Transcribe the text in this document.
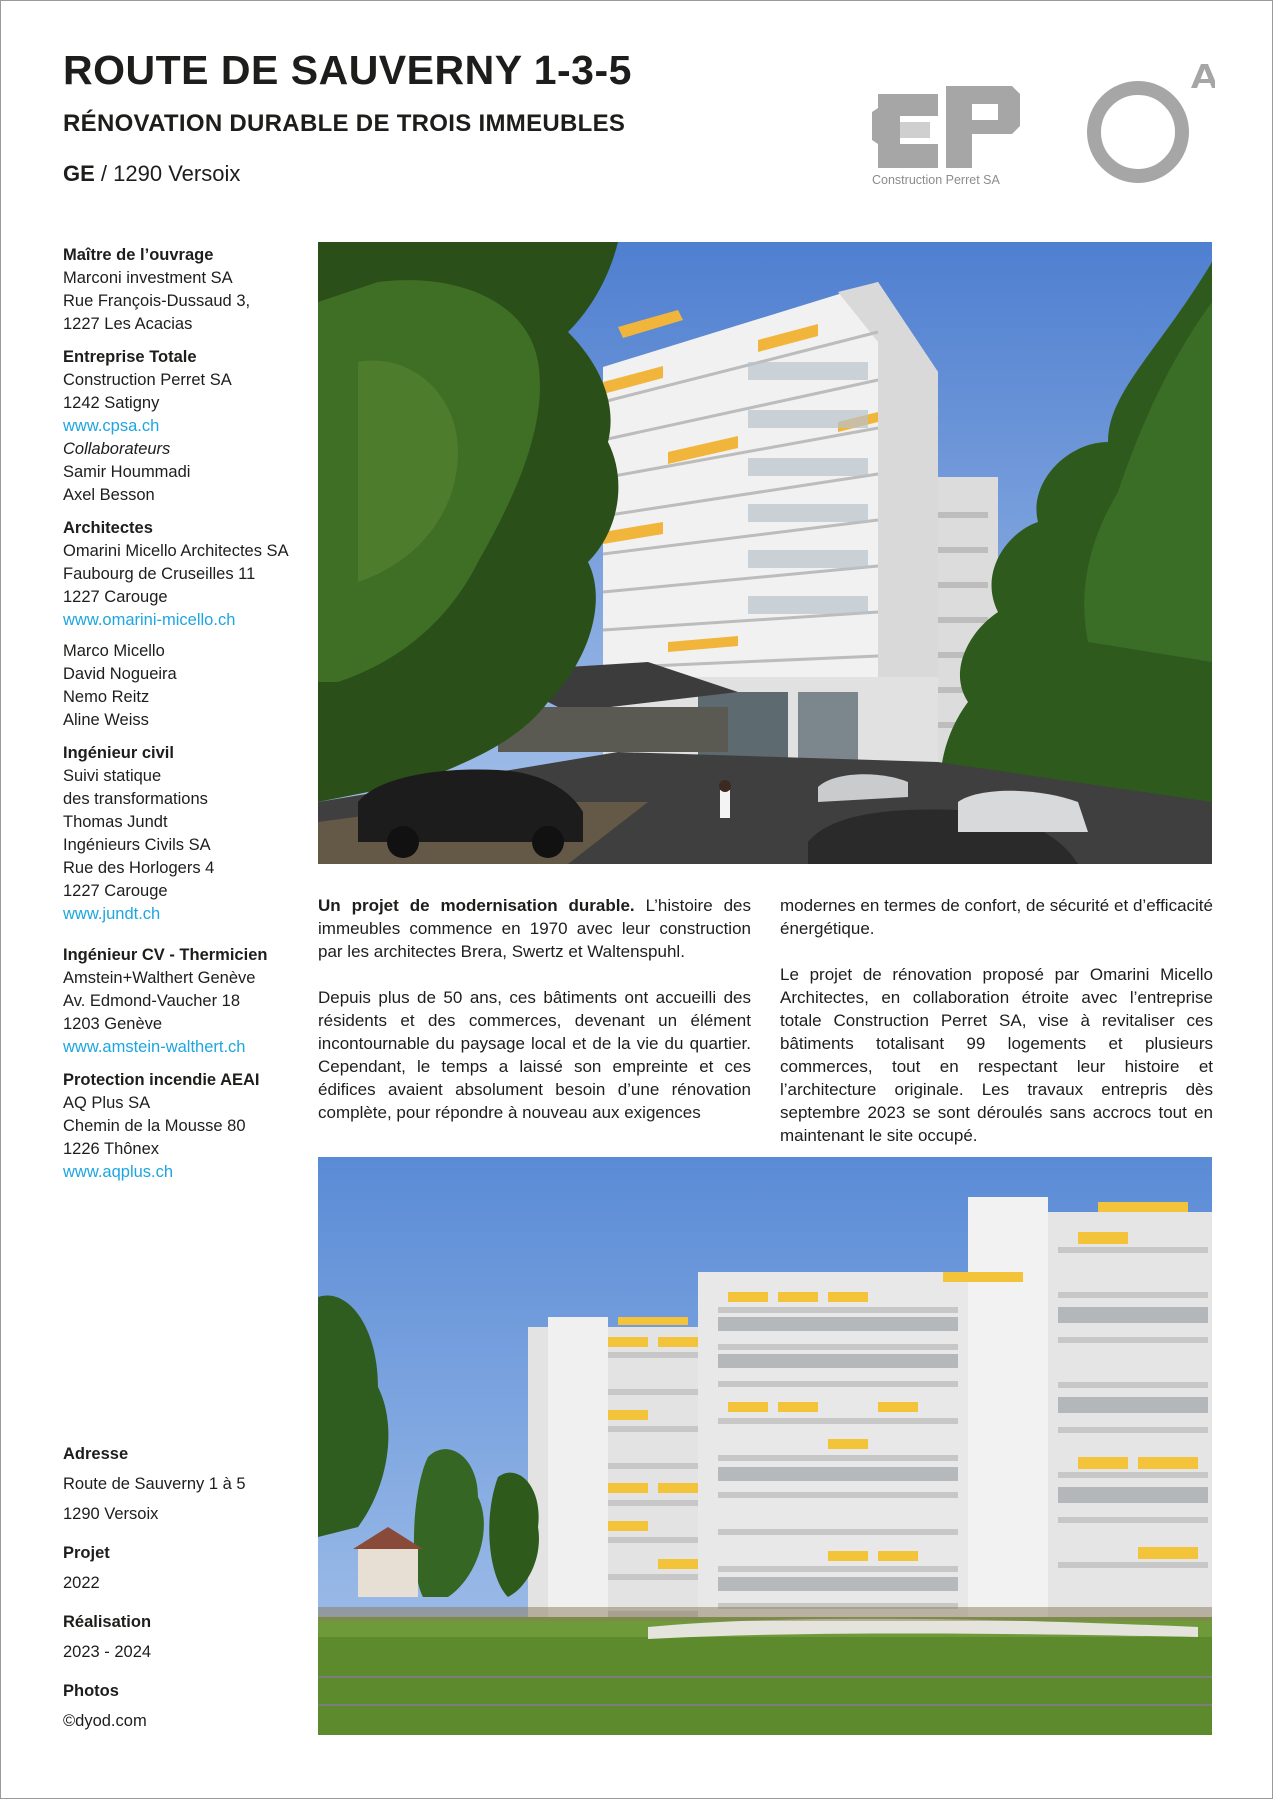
ROUTE DE SAUVERNY 1-3-5
RÉNOVATION DURABLE DE TROIS IMMEUBLES

GE / 1290 Versoix	Construction Perret SA
Maître de l’ouvrage
Marconi investment SA
Rue François-Dussaud 3,
1227 Les Acacias
Entreprise Totale
Construction Perret SA
1242 Satigny
www.cpsa.ch
Collaborateurs
Samir Hoummadi
Axel Besson
Architectes
Omarini Micello Architectes SA
Faubourg de Cruseilles 11
1227 Carouge
www.omarini-micello.ch
Marco Micello
David Nogueira
Nemo Reitz
Aline Weiss
Ingénieur civil
Suivi statique
des transformations
Thomas Jundt
Ingénieurs Civils SA
Rue des Horlogers 4
1227 Carouge
www.jundt.ch
Ingénieur CV - Thermicien
Amstein+Walthert Genève
Av. Edmond-Vaucher 18
1203 Genève
www.amstein-walthert.ch
Protection incendie AEAI
AQ Plus SA
Chemin de la Mousse 80
1226 Thônex
www.aqplus.ch
Adresse
Route de Sauverny 1 à 5
1290 Versoix
Projet
2022
Réalisation
2023 - 2024
Photos
©dyod.com

Un projet de modernisation durable. L’histoire des immeubles commence en 1970 avec leur construction par les architectes Brera, Swertz et Waltenspuhl.

Depuis plus de 50 ans, ces bâtiments ont accueilli des résidents et des commerces, devenant un élément incontournable du paysage local et de la vie du quartier. Cependant, le temps a laissé son empreinte et ces édifices avaient absolument besoin d’une rénovation complète, pour répondre à nouveau aux exigences

modernes en termes de confort, de sécurité et d’efficacité énergétique.

Le projet de rénovation proposé par Omarini Micello Architectes, en collaboration étroite avec l’entreprise totale Construction Perret SA, vise à revitaliser ces bâtiments totalisant 99 logements et plusieurs commerces, tout en respectant leur histoire et l’architecture originale. Les travaux entrepris dès septembre 2023 se sont déroulés sans accrocs tout en maintenant le site occupé.
